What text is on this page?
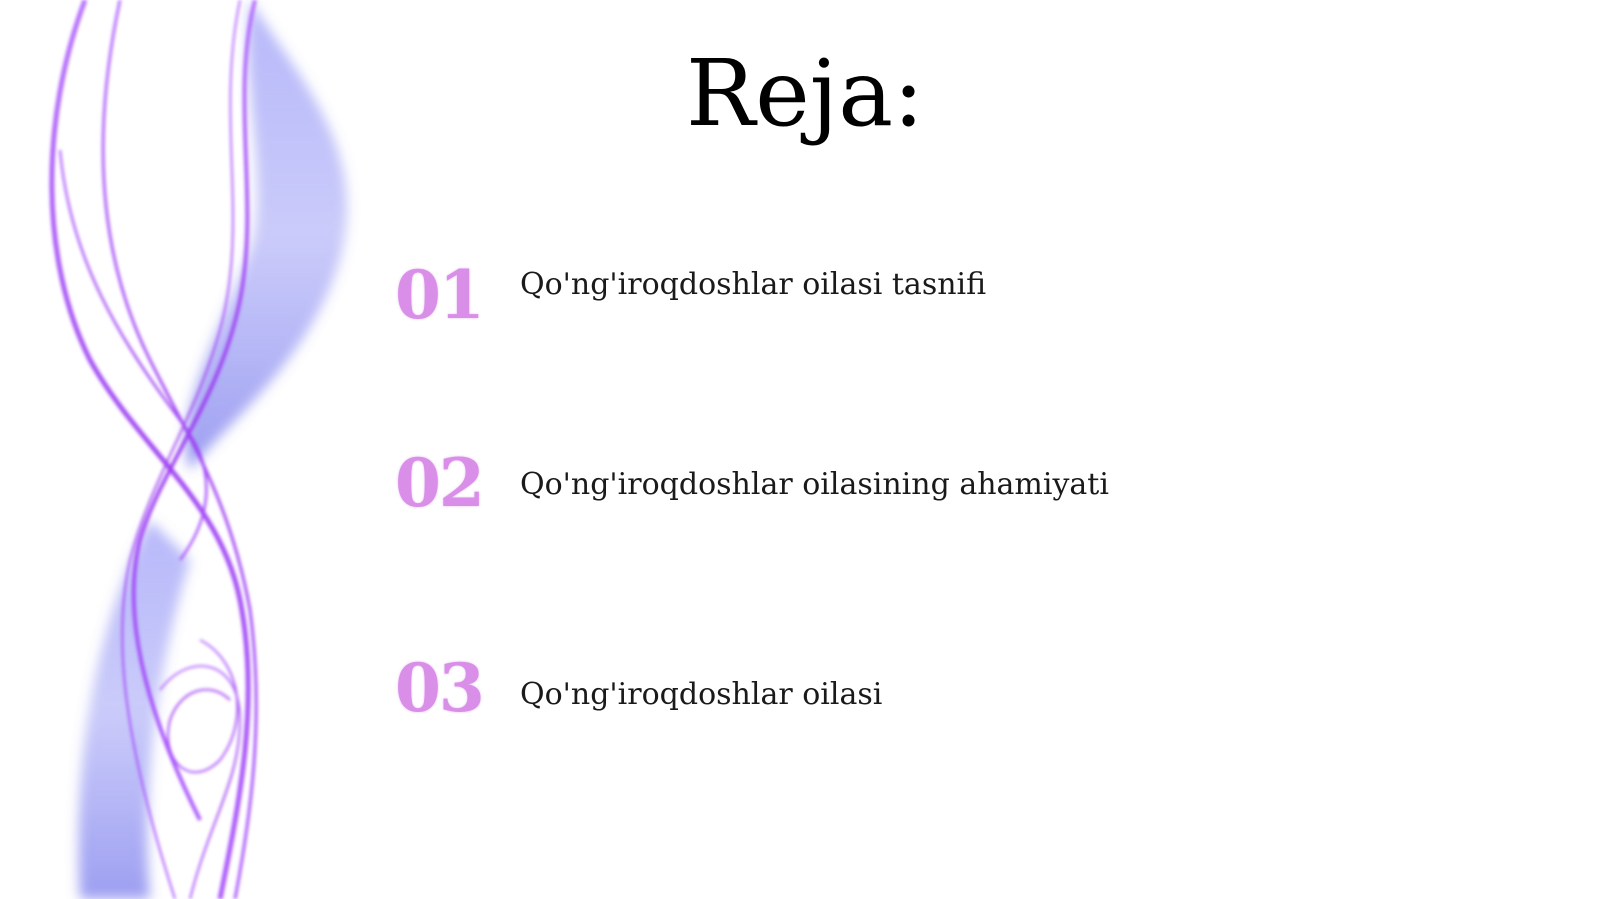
Reja:
01 Qo'ng'iroqdoshlar oilasi tasnifi
02 Qo'ng'iroqdoshlar oilasining ahamiyati
03 Qo'ng'iroqdoshlar oilasi
